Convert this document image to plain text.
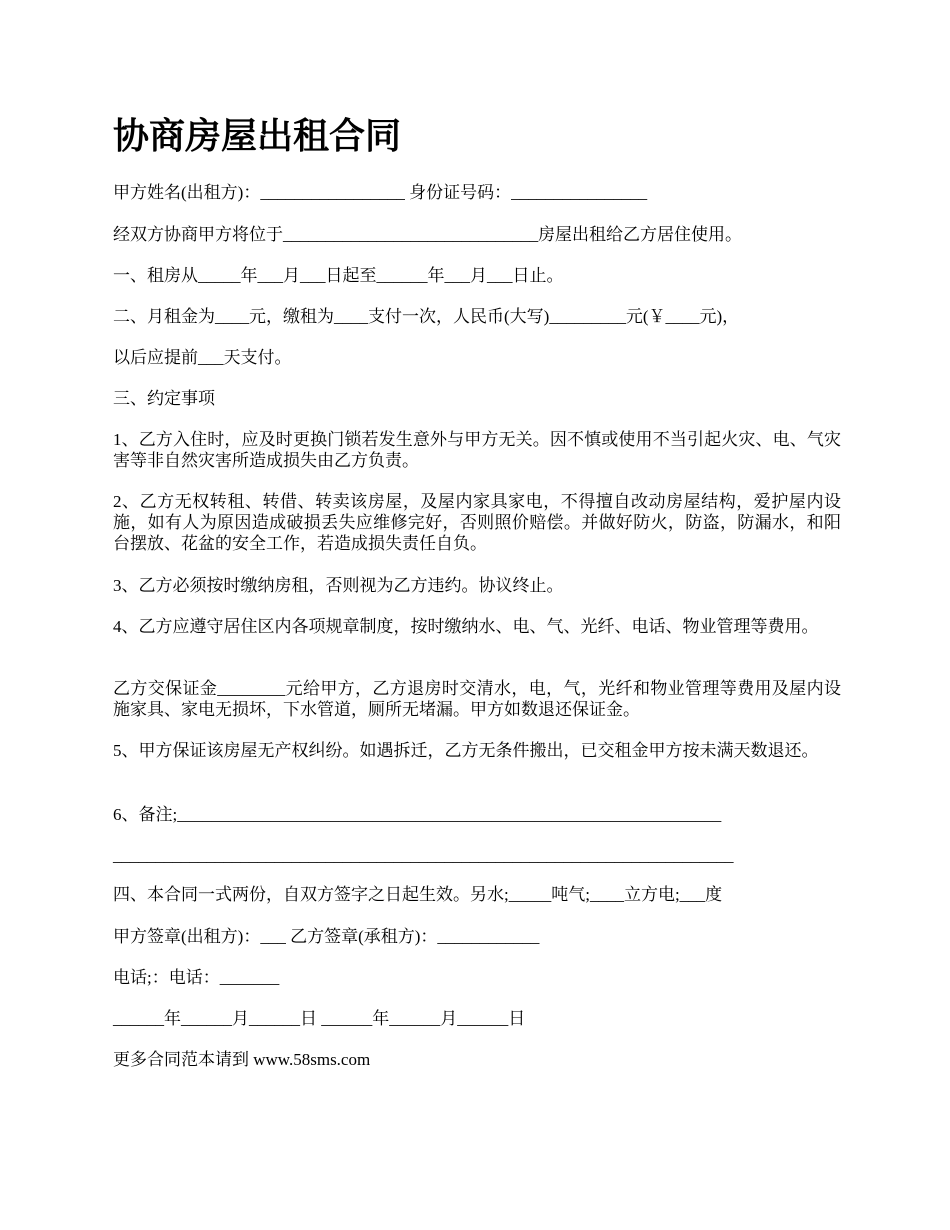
协商房屋出租合同
甲方姓名(出租方)：_________________ 身份证号码：________________
经双方协商甲方将位于______________________________房屋出租给乙方居住使用。
一、租房从_____年___月___日起至______年___月___日止。
二、月租金为____元，缴租为____支付一次，人民币(大写)_________元(￥____元)，
以后应提前___天支付。
三、约定事项
1、乙方入住时，应及时更换门锁若发生意外与甲方无关。因不慎或使用不当引起火灾、电、气灾害等非自然灾害所造成损失由乙方负责。
2、乙方无权转租、转借、转卖该房屋，及屋内家具家电，不得擅自改动房屋结构，爱护屋内设施，如有人为原因造成破损丢失应维修完好，否则照价赔偿。并做好防火，防盗，防漏水，和阳台摆放、花盆的安全工作，若造成损失责任自负。
3、乙方必须按时缴纳房租，否则视为乙方违约。协议终止。
4、乙方应遵守居住区内各项规章制度，按时缴纳水、电、气、光纤、电话、物业管理等费用。
乙方交保证金________元给甲方，乙方退房时交清水，电，气，光纤和物业管理等费用及屋内设施家具、家电无损坏，下水管道，厕所无堵漏。甲方如数退还保证金。
5、甲方保证该房屋无产权纠纷。如遇拆迁，乙方无条件搬出，已交租金甲方按未满天数退还。
6、备注;________________________________________________________________
_________________________________________________________________________
四、本合同一式两份，自双方签字之日起生效。另水;_____吨气;____立方电;___度
甲方签章(出租方)：___ 乙方签章(承租方)：____________
电话;：电话：_______
______年______月______日 ______年______月______日
更多合同范本请到 www.58sms.com
